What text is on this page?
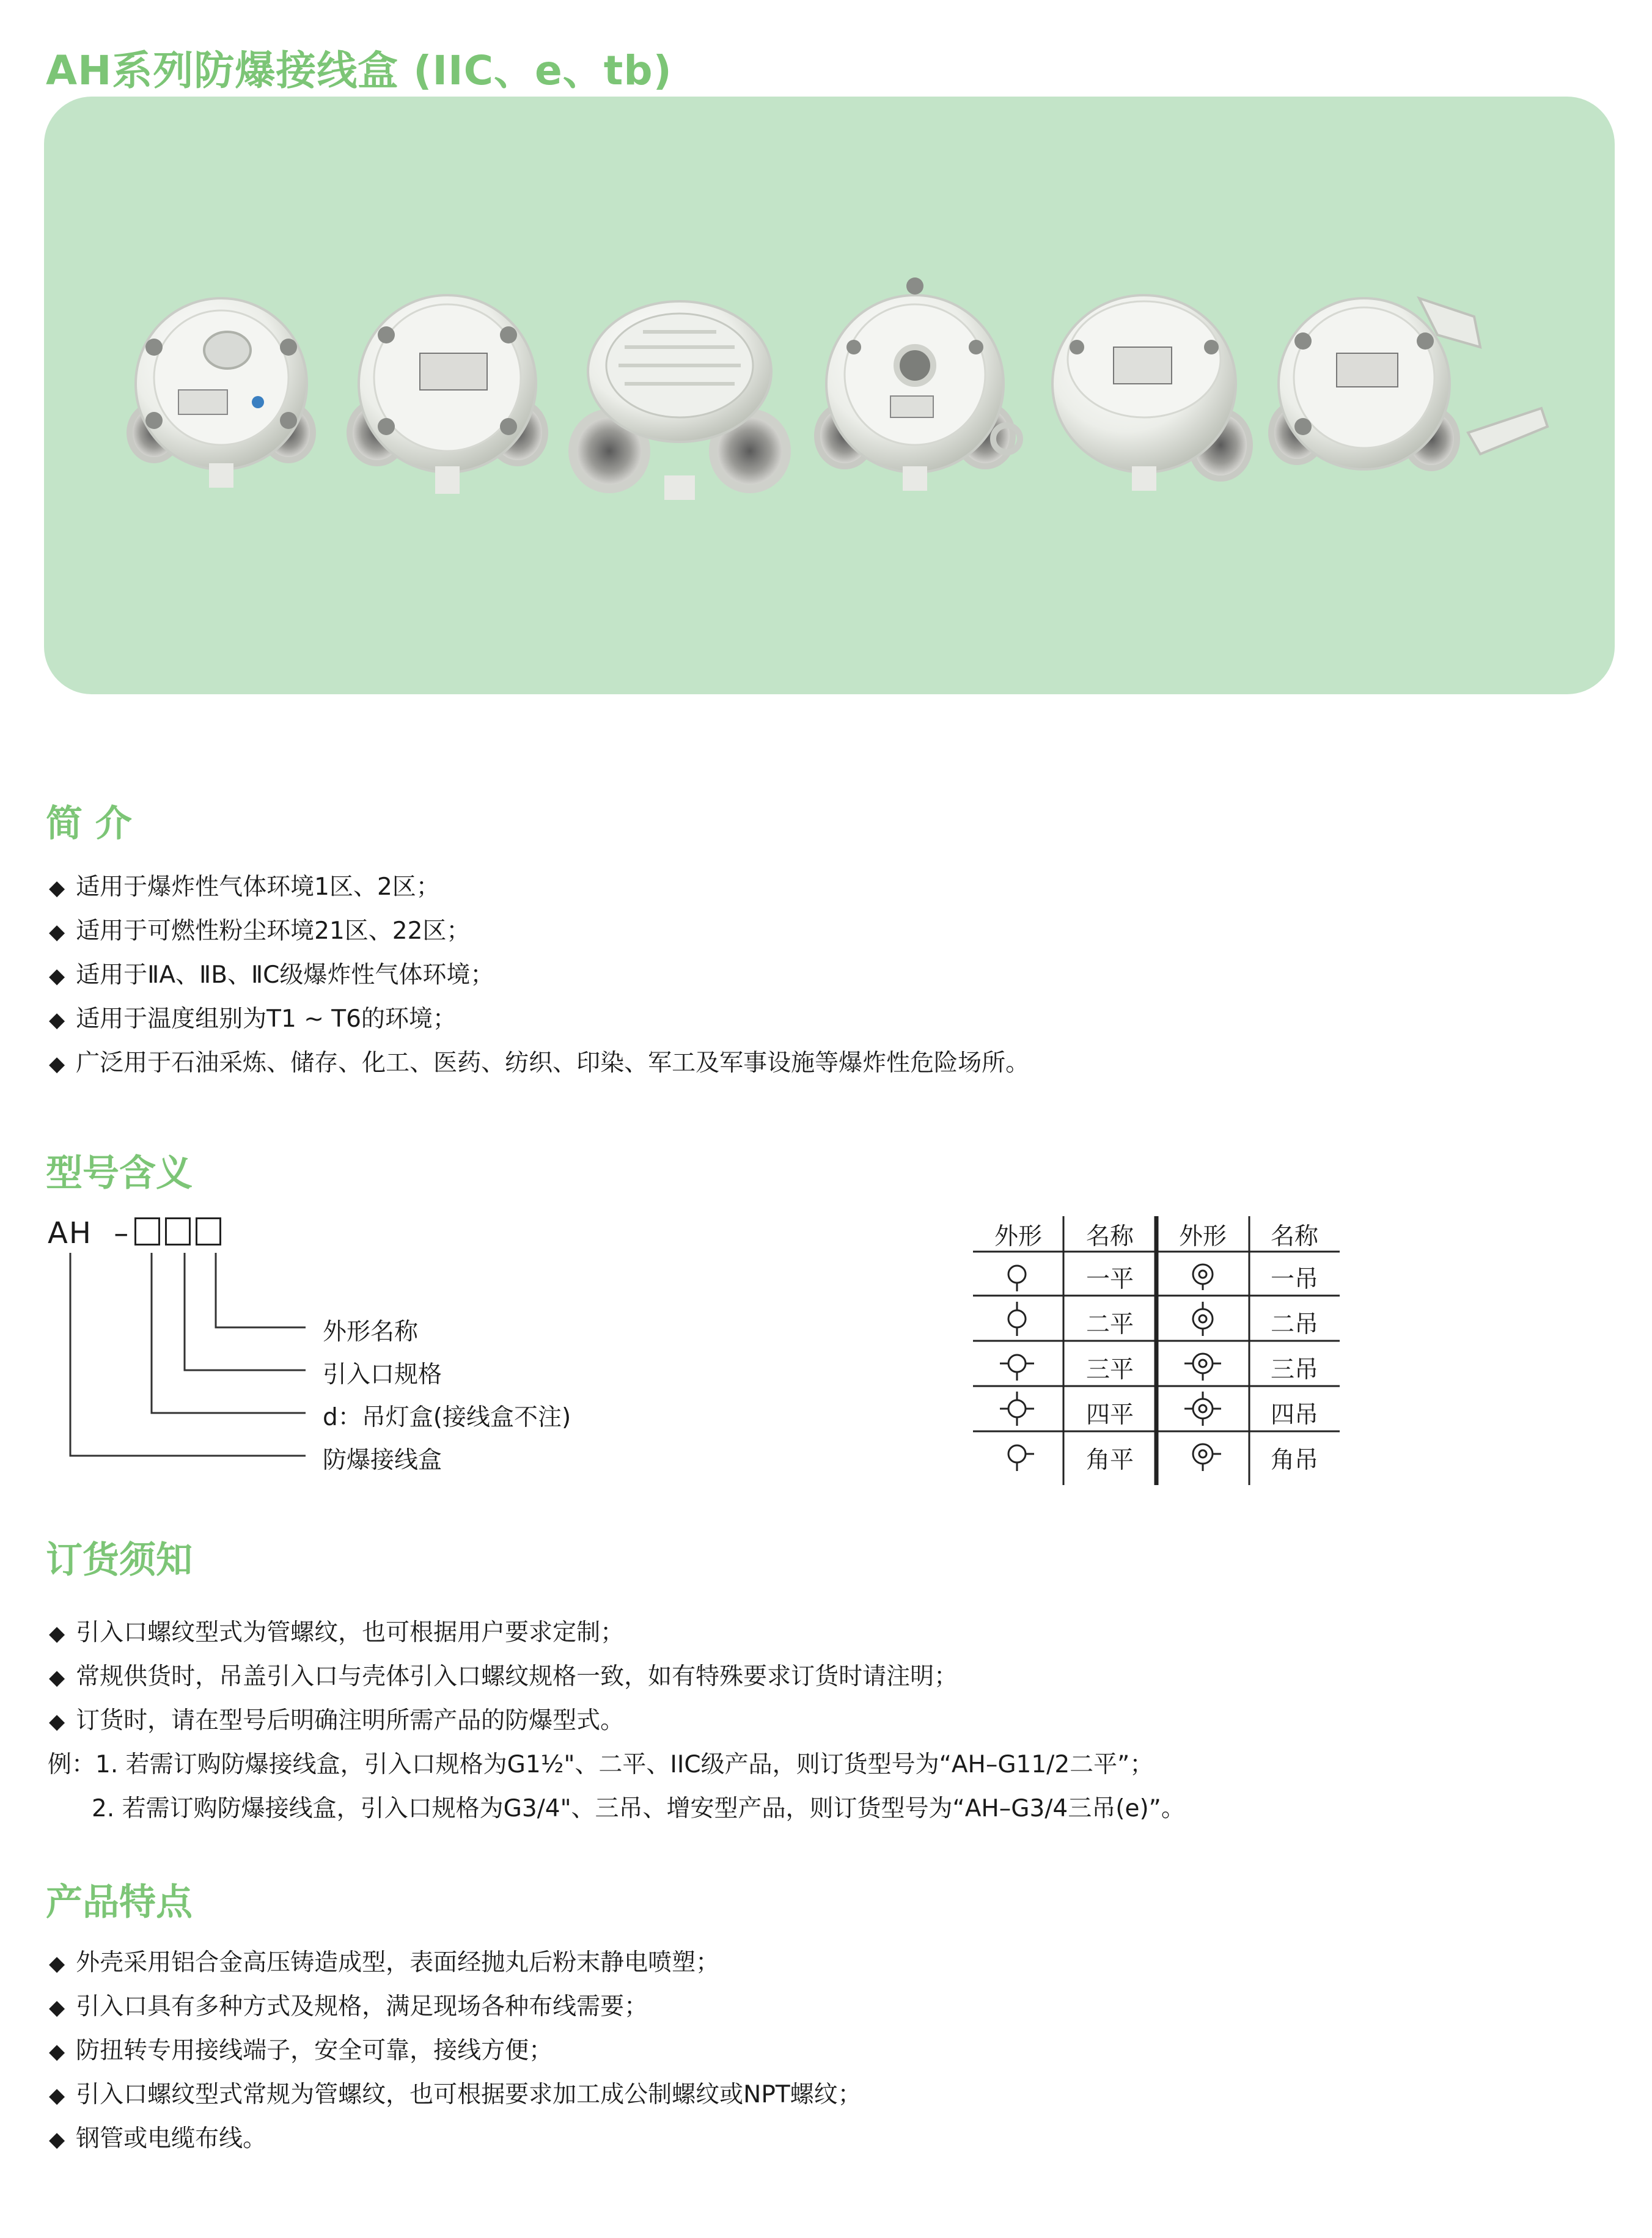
AH系列防爆接线盒 (IIC、e、tb)
简 介
◆ 适用于爆炸性气体环境1区、2区；
◆ 适用于可燃性粉尘环境21区、22区；
◆ 适用于ⅡA、ⅡB、ⅡC级爆炸性气体环境；
◆ 适用于温度组别为T1 ~ T6的环境；
◆ 广泛用于石油采炼、储存、化工、医药、纺织、印染、军工及军事设施等爆炸性危险场所。
型号含义
AH –
外形名称
引入口规格
d：吊灯盒(接线盒不注)
防爆接线盒
外形	名称	外形	名称
一平	一吊
二平	二吊
三平	三吊
四平	四吊
角平	角吊
订货须知
◆ 引入口螺纹型式为管螺纹，也可根据用户要求定制；
◆ 常规供货时，吊盖引入口与壳体引入口螺纹规格一致，如有特殊要求订货时请注明；
◆ 订货时，请在型号后明确注明所需产品的防爆型式。
例：1. 若需订购防爆接线盒，引入口规格为G1½"、二平、IIC级产品，则订货型号为“AH–G11/2二平”；
2. 若需订购防爆接线盒，引入口规格为G3/4"、三吊、增安型产品，则订货型号为“AH–G3/4三吊(e)”。
产品特点
◆ 外壳采用铝合金高压铸造成型，表面经抛丸后粉末静电喷塑；
◆ 引入口具有多种方式及规格，满足现场各种布线需要；
◆ 防扭转专用接线端子，安全可靠，接线方便；
◆ 引入口螺纹型式常规为管螺纹，也可根据要求加工成公制螺纹或NPT螺纹；
◆ 钢管或电缆布线。
